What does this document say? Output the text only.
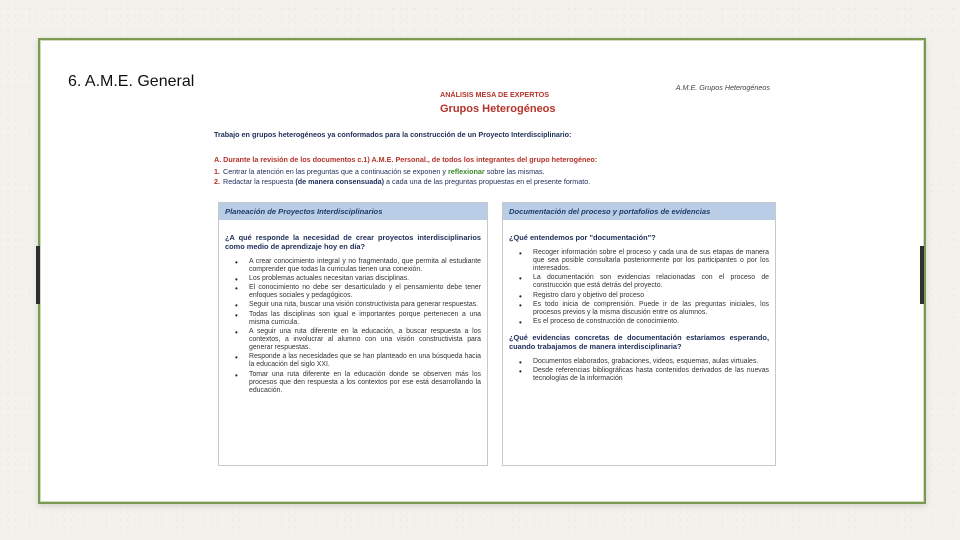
6. A.M.E. General	A.M.E. Grupos Heterogéneos
ANÁLISIS MESA DE EXPERTOS
Grupos Heterogéneos
Trabajo en grupos heterogéneos ya conformados para la construcción de un Proyecto Interdisciplinario:
A. Durante la revisión de los documentos c.1) A.M.E. Personal., de todos los integrantes del grupo heterogéneo:
1. Centrar la atención en las preguntas que a continuación se exponen y reflexionar sobre las mismas.
2. Redactar la respuesta (de manera consensuada) a cada una de las preguntas propuestas en el presente formato.
Planeación de Proyectos Interdisciplinarios
¿A qué responde la necesidad de crear proyectos interdisciplinarios como medio de aprendizaje hoy en día?
• A crear conocimiento integral y no fragmentado, que permita al estudiante comprender que todas la curriculas tienen una conexión.
• Los problemas actuales necesitan varias disciplinas.
• El conocimiento no debe ser desarticulado y el pensamiento debe tener enfoques sociales y pedagógicos.
• Seguir una ruta, buscar una visión constructivista para generar respuestas.
• Todas las disciplinas son igual e importantes porque pertenecen a una misma curricula.
• A seguir una ruta diferente en la educación, a buscar respuesta a los contextos, a involucrar al alumno con una visión constructivista para generar respuestas.
• Responde a las necesidades que se han planteado en una búsqueda hacia la educación del siglo XXI.
• Tomar una ruta diferente en la educación donde se observen más los procesos que den respuesta a los contextos por ese está desarrollando la educación.
Documentación del proceso y portafolios de evidencias
¿Qué entendemos por "documentación"?
• Recoger información sobre el proceso y cada una de sus etapas de manera que sea posible consultarla posteriormente por los participantes o por los interesados.
• La documentación son evidencias relacionadas con el proceso de construcción que está detrás del proyecto.
• Registro claro y objetivo del proceso
• Es todo inicia de comprensión. Puede ir de las preguntas iniciales, los procesos previos y la misma discusión entre os alumnos.
• Es el proceso de construcción de conocimiento.
¿Qué evidencias concretas de documentación estaríamos esperando, cuando trabajamos de manera interdisciplinaria?
• Documentos elaborados, grabaciones, videos, esquemas, aulas virtuales.
• Desde referencias bibliográficas hasta contenidos derivados de las nuevas tecnologías de la información
